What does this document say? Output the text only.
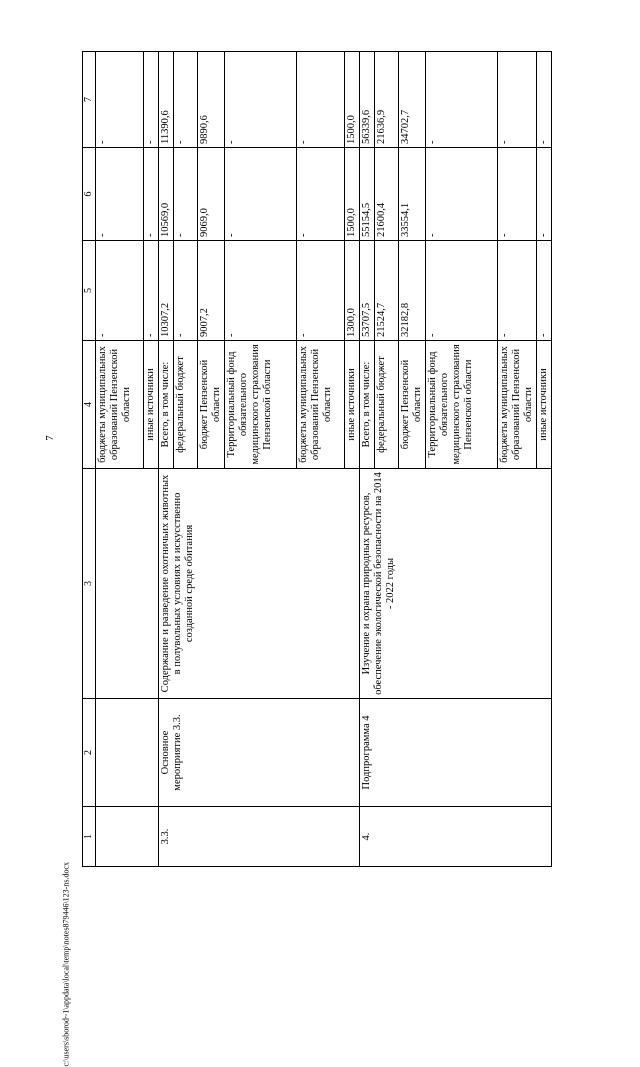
7
c:\users\sborod~1\appdata\local\temp\notes879446\123-ns.docx
1	2	3	4	5	6	7
			бюджеты муниципальных образований Пензенской области	-	-	-
			иные источники	-	-	-
3.3.	Основное мероприятие 3.3.	Содержание и разведение охотничьих животных в полувольных условиях и искусственно созданной среде обитания	Всего, в том числе:	10307,2	10569,0	11390,6
			федеральный бюджет	-	-	-
			бюджет Пензенской области	9007,2	9069,0	9890,6
			Территориальный фонд обязательного медицинского страхования Пензенской области	-	-	-
			бюджеты муниципальных образований Пензенской области	-	-	-
			иные источники	1300,0	1500,0	1500,0
4.	Подпрограмма 4	Изучение и охрана природных ресурсов, обеспечение экологической безопасности на 2014 - 2022 годы	Всего, в том числе:	53707,5	55154,5	56339,6
			федеральный бюджет	21524,7	21600,4	21636,9
			бюджет Пензенской области	32182,8	33554,1	34702,7
			Территориальный фонд обязательного медицинского страхования Пензенской области	-	-	-
			бюджеты муниципальных образований Пензенской области	-	-	-
			иные источники	-	-	-
